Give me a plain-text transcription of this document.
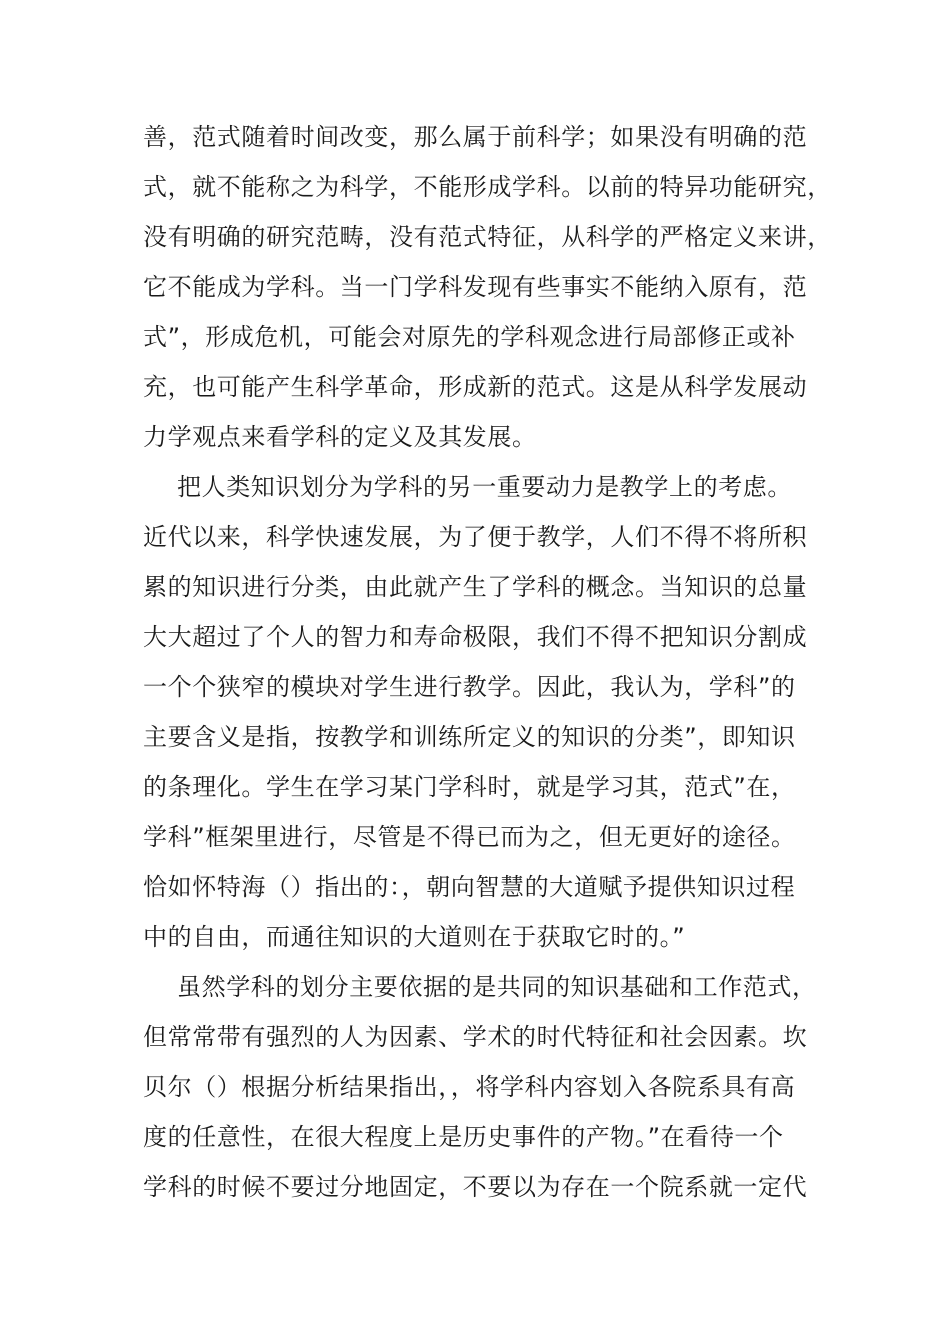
善，范式随着时间改变，那么属于前科学；如果没有明确的范
式，就不能称之为科学，不能形成学科。以前的特异功能研究，
没有明确的研究范畴，没有范式特征，从科学的严格定义来讲，
它不能成为学科。当一门学科发现有些事实不能纳入原有，范
式”，形成危机，可能会对原先的学科观念进行局部修正或补
充，也可能产生科学革命，形成新的范式。这是从科学发展动
力学观点来看学科的定义及其发展。
把人类知识划分为学科的另一重要动力是教学上的考虑。
近代以来，科学快速发展，为了便于教学，人们不得不将所积
累的知识进行分类，由此就产生了学科的概念。当知识的总量
大大超过了个人的智力和寿命极限，我们不得不把知识分割成
一个个狭窄的模块对学生进行教学。因此，我认为，学科”的
主要含义是指，按教学和训练所定义的知识的分类”，即知识
的条理化。学生在学习某门学科时，就是学习其，范式”在，
学科”框架里进行，尽管是不得已而为之，但无更好的途径。
恰如怀特海（）指出的：，朝向智慧的大道赋予提供知识过程
中的自由，而通往知识的大道则在于获取它时的。”
虽然学科的划分主要依据的是共同的知识基础和工作范式，
但常常带有强烈的人为因素、学术的时代特征和社会因素。坎
贝尔（）根据分析结果指出，，将学科内容划入各院系具有高
度的任意性，在很大程度上是历史事件的产物。”在看待一个
学科的时候不要过分地固定，不要以为存在一个院系就一定代
